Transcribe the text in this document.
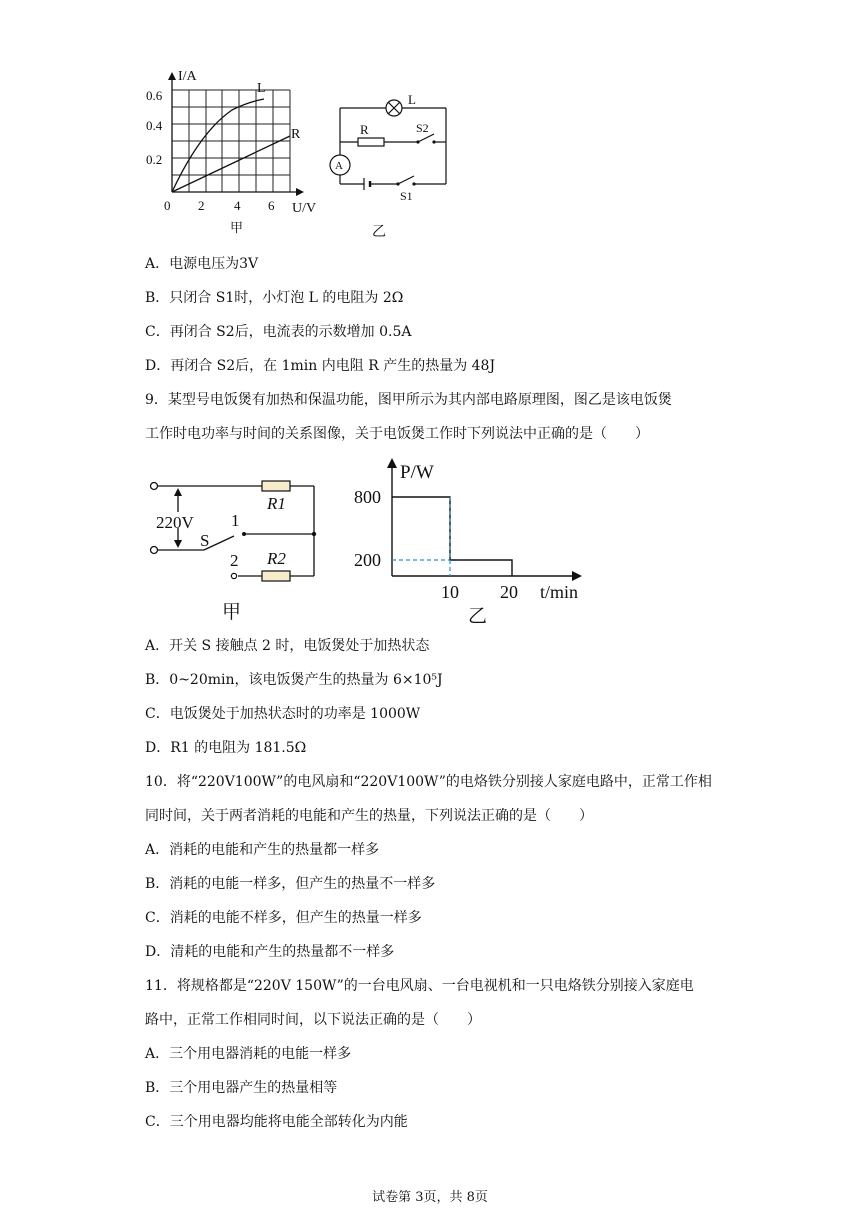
I/A
U/V
L
R
0 2 4 6
0.2
0.4
0.6
甲
L
R	S2
A
S1
乙
A．电源电压为3V
B．只闭合 S1时，小灯泡 L 的电阻为 2Ω
C．再闭合 S2后，电流表的示数增加 0.5A
D．再闭合 S2后，在 1min 内电阻 R 产生的热量为 48J
9．某型号电饭煲有加热和保温功能，图甲所示为其内部电路原理图，图乙是该电饭煲
工作时电功率与时间的关系图像，关于电饭煲工作时下列说法中正确的是（　　）
220V
R1
R2
1
S
2
甲
P/W
t/min
800
200
10 20
乙
A．开关 S 接触点 2 时，电饭煲处于加热状态
B．0~20min，该电饭煲产生的热量为 6×10⁵J
C．电饭煲处于加热状态时的功率是 1000W
D．R1 的电阻为 181.5Ω
10．将“220V100W”的电风扇和“220V100W”的电烙铁分别接人家庭电路中，正常工作相
同时间，关于两者消耗的电能和产生的热量，下列说法正确的是（　　）
A．消耗的电能和产生的热量都一样多
B．消耗的电能一样多，但产生的热量不一样多
C．消耗的电能不样多，但产生的热量一样多
D．清耗的电能和产生的热量都不一样多
11．将规格都是“220V 150W”的一台电风扇、一台电视机和一只电烙铁分别接入家庭电
路中，正常工作相同时间，以下说法正确的是（　　）
A．三个用电器消耗的电能一样多
B．三个用电器产生的热量相等
C．三个用电器均能将电能全部转化为内能
试卷第 3页，共 8页
